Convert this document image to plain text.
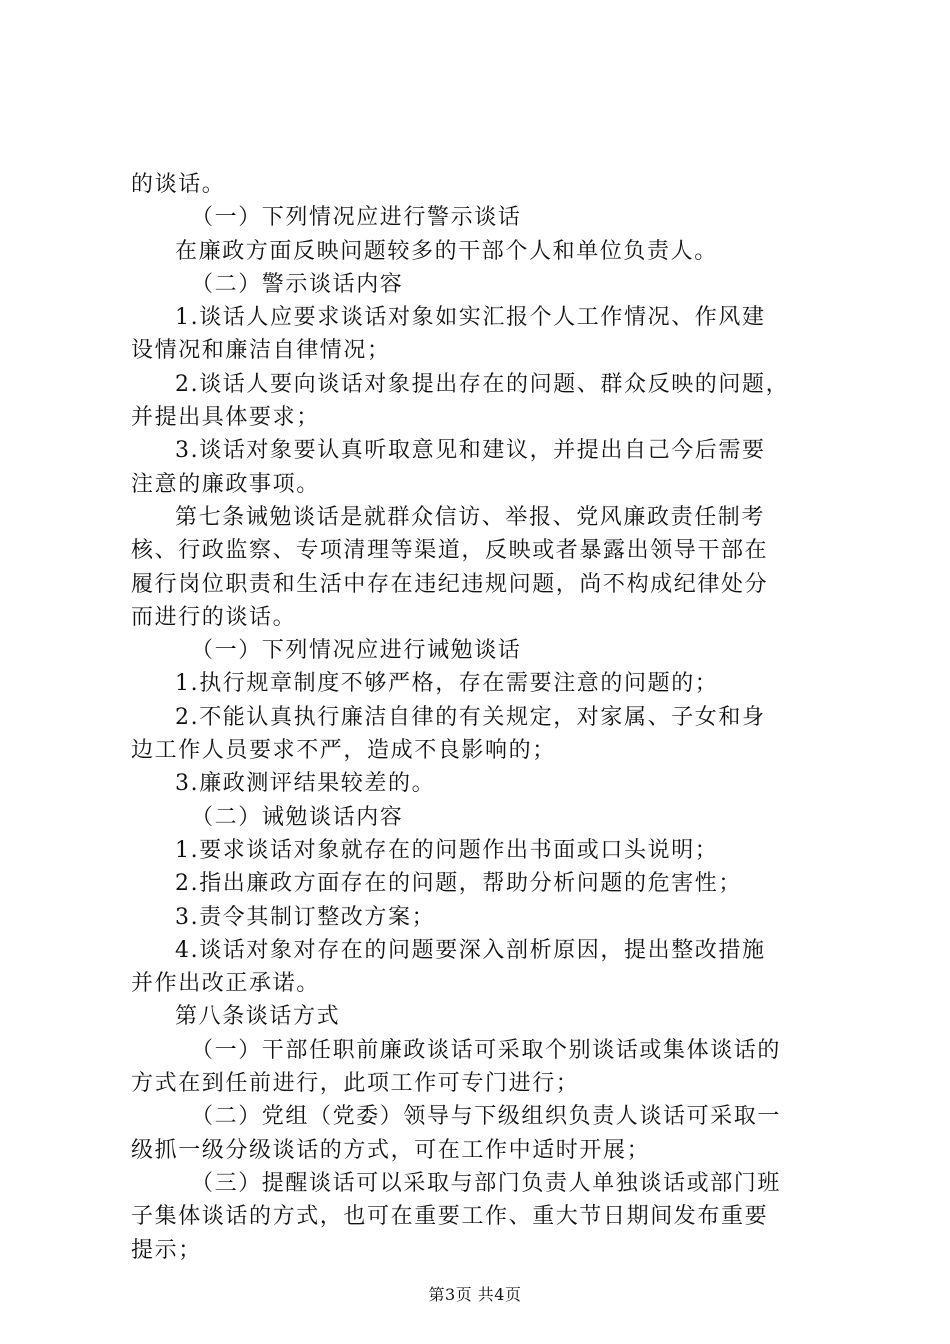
的谈话。
（一）下列情况应进行警示谈话
在廉政方面反映问题较多的干部个人和单位负责人。
（二）警示谈话内容
1.谈话人应要求谈话对象如实汇报个人工作情况、作风建
设情况和廉洁自律情况；
2.谈话人要向谈话对象提出存在的问题、群众反映的问题，
并提出具体要求；
3.谈话对象要认真听取意见和建议，并提出自己今后需要
注意的廉政事项。
第七条诫勉谈话是就群众信访、举报、党风廉政责任制考
核、行政监察、专项清理等渠道，反映或者暴露出领导干部在
履行岗位职责和生活中存在违纪违规问题，尚不构成纪律处分
而进行的谈话。
（一）下列情况应进行诫勉谈话
1.执行规章制度不够严格，存在需要注意的问题的；
2.不能认真执行廉洁自律的有关规定，对家属、子女和身
边工作人员要求不严，造成不良影响的；
3.廉政测评结果较差的。
（二）诫勉谈话内容
1.要求谈话对象就存在的问题作出书面或口头说明；
2.指出廉政方面存在的问题，帮助分析问题的危害性；
3.责令其制订整改方案；
4.谈话对象对存在的问题要深入剖析原因，提出整改措施
并作出改正承诺。
第八条谈话方式
（一）干部任职前廉政谈话可采取个别谈话或集体谈话的
方式在到任前进行，此项工作可专门进行；
（二）党组（党委）领导与下级组织负责人谈话可采取一
级抓一级分级谈话的方式，可在工作中适时开展；
（三）提醒谈话可以采取与部门负责人单独谈话或部门班
子集体谈话的方式，也可在重要工作、重大节日期间发布重要
提示；
第3页 共4页
